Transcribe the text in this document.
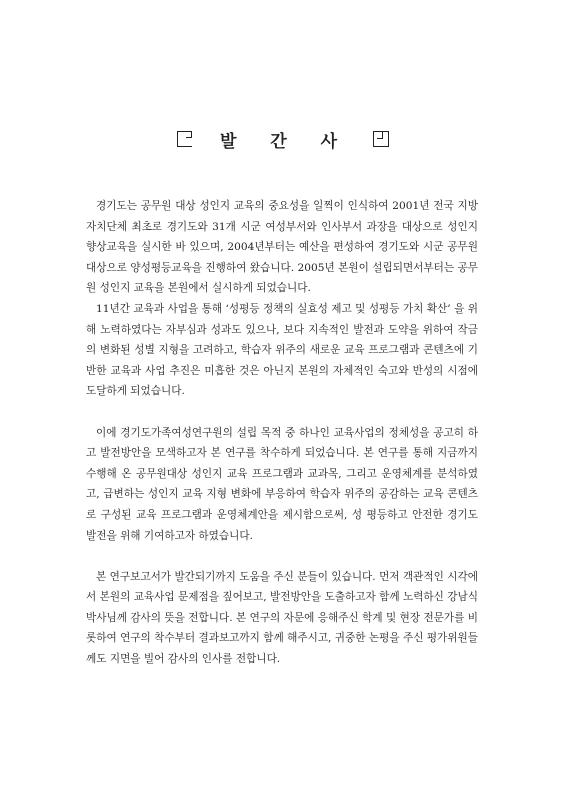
발 간 사

경기도는 공무원 대상 성인지 교육의 중요성을 일찍이 인식하여 2001년 전국 지방자치단체 최초로 경기도와 31개 시군 여성부서와 인사부서 과장을 대상으로 성인지 향상교육을 실시한 바 있으며, 2004년부터는 예산을 편성하여 경기도와 시군 공무원 대상으로 양성평등교육을 진행하여 왔습니다. 2005년 본원이 설립되면서부터는 공무원 성인지 교육을 본원에서 실시하게 되었습니다.

11년간 교육과 사업을 통해 ‘성평등 정책의 실효성 제고 및 성평등 가치 확산’ 을 위해 노력하였다는 자부심과 성과도 있으나, 보다 지속적인 발전과 도약을 위하여 작금의 변화된 성별 지형을 고려하고, 학습자 위주의 새로운 교육 프로그램과 콘텐츠에 기반한 교육과 사업 추진은 미흡한 것은 아닌지 본원의 자체적인 숙고와 반성의 시점에 도달하게 되었습니다.

이에 경기도가족여성연구원의 설립 목적 중 하나인 교육사업의 정체성을 공고히 하고 발전방안을 모색하고자 본 연구를 착수하게 되었습니다. 본 연구를 통해 지금까지 수행해 온 공무원대상 성인지 교육 프로그램과 교과목, 그리고 운영체계를 분석하였고, 급변하는 성인지 교육 지형 변화에 부응하여 학습자 위주의 공감하는 교육 콘텐츠로 구성된 교육 프로그램과 운영체계안을 제시함으로써, 성 평등하고 안전한 경기도 발전을 위해 기여하고자 하였습니다.

본 연구보고서가 발간되기까지 도움을 주신 분들이 있습니다. 먼저 객관적인 시각에서 본원의 교육사업 문제점을 짚어보고, 발전방안을 도출하고자 함께 노력하신 강남식 박사님께 감사의 뜻을 전합니다. 본 연구의 자문에 응해주신 학계 및 현장 전문가를 비롯하여 연구의 착수부터 결과보고까지 함께 해주시고, 귀중한 논평을 주신 평가위원들께도 지면을 빌어 감사의 인사를 전합니다.
